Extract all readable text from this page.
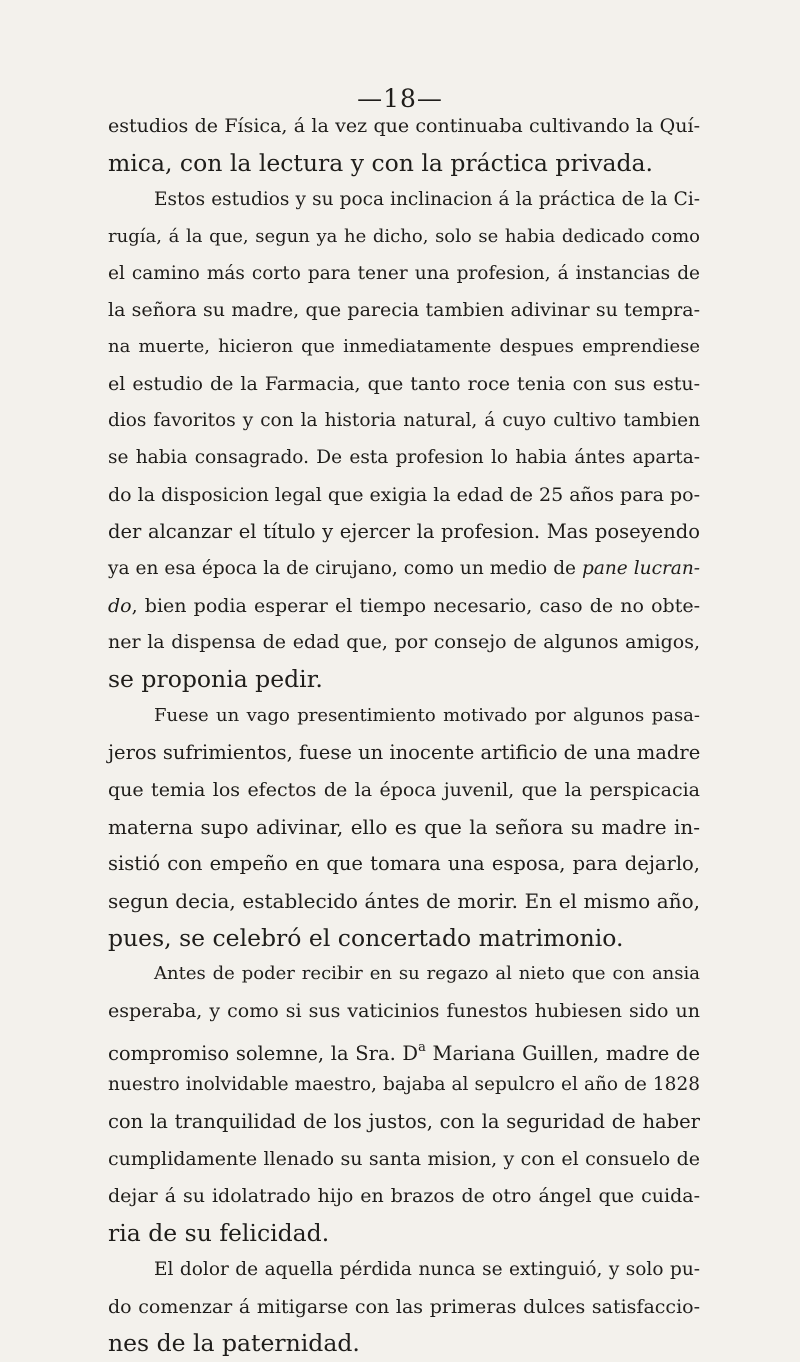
—18—
estudios de Física, á la vez que continuaba cultivando la Quí-
mica, con la lectura y con la práctica privada.
Estos estudios y su poca inclinacion á la práctica de la Ci-
rugía, á la que, segun ya he dicho, solo se habia dedicado como
el camino más corto para tener una profesion, á instancias de
la señora su madre, que parecia tambien adivinar su tempra-
na muerte, hicieron que inmediatamente despues emprendiese
el estudio de la Farmacia, que tanto roce tenia con sus estu-
dios favoritos y con la historia natural, á cuyo cultivo tambien
se habia consagrado. De esta profesion lo habia ántes aparta-
do la disposicion legal que exigia la edad de 25 años para po-
der alcanzar el título y ejercer la profesion. Mas poseyendo
ya en esa época la de cirujano, como un medio de pane lucran-
do, bien podia esperar el tiempo necesario, caso de no obte-
ner la dispensa de edad que, por consejo de algunos amigos,
se proponia pedir.
Fuese un vago presentimiento motivado por algunos pasa-
jeros sufrimientos, fuese un inocente artificio de una madre
que temia los efectos de la época juvenil, que la perspicacia
materna supo adivinar, ello es que la señora su madre in-
sistió con empeño en que tomara una esposa, para dejarlo,
segun decia, establecido ántes de morir. En el mismo año,
pues, se celebró el concertado matrimonio.
Antes de poder recibir en su regazo al nieto que con ansia
esperaba, y como si sus vaticinios funestos hubiesen sido un
compromiso solemne, la Sra. $D^a$ Mariana Guillen, madre de
nuestro inolvidable maestro, bajaba al sepulcro el año de 1828
con la tranquilidad de los justos, con la seguridad de haber
cumplidamente llenado su santa mision, y con el consuelo de
dejar á su idolatrado hijo en brazos de otro ángel que cuida-
ria de su felicidad.
El dolor de aquella pérdida nunca se extinguió, y solo pu-
do comenzar á mitigarse con las primeras dulces satisfaccio-
nes de la paternidad.
